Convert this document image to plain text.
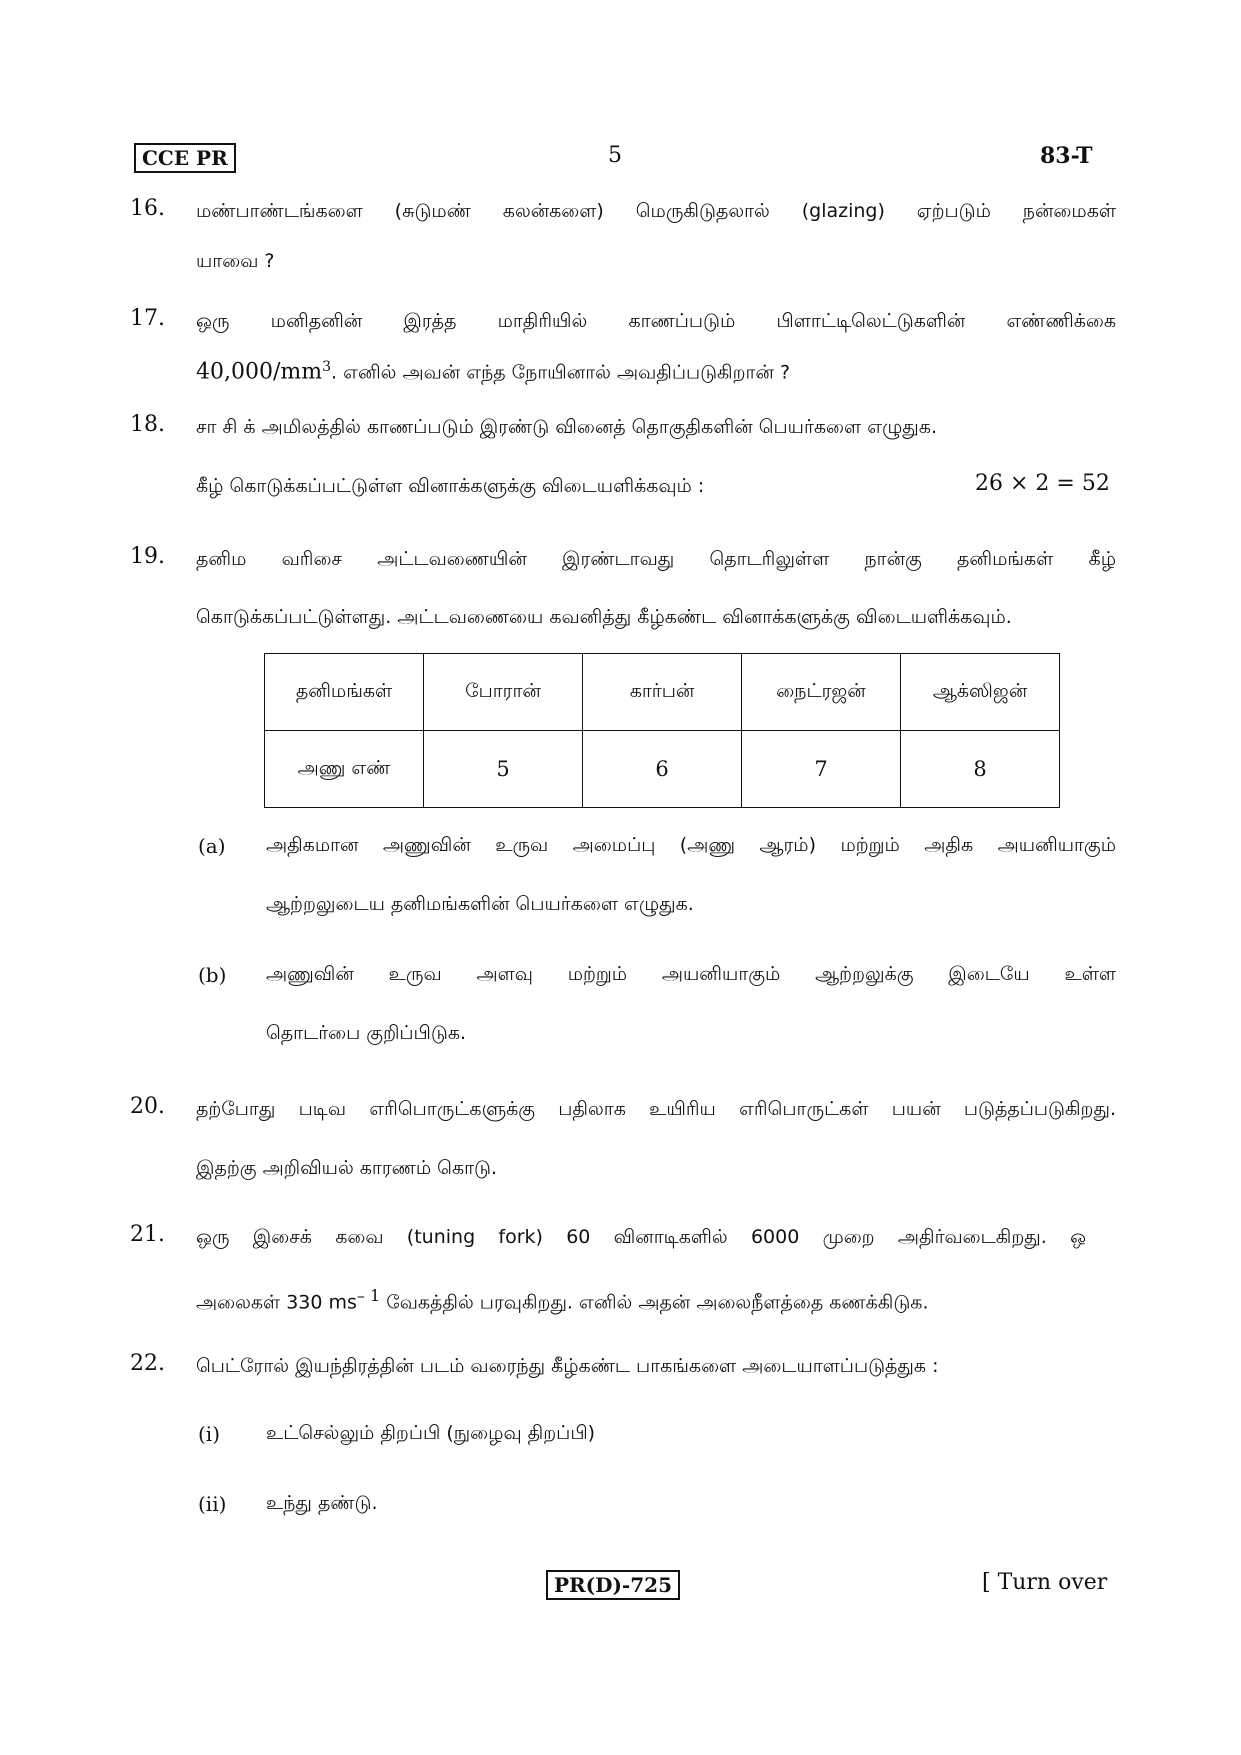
CCE PR	5	83-T
16. மண்பாண்டங்களை (சுடுமண் கலன்களை) மெருகிடுதலால் (glazing) ஏற்படும் நன்மைகள்
யாவை ?
17. ஒரு மனிதனின் இரத்த மாதிரியில் காணப்படும் பிளாட்டிலெட்டுகளின் எண்ணிக்கை
$40,000/mm^3$. எனில் அவன் எந்த நோயினால் அவதிப்படுகிறான் ?
18. சா சி க் அமிலத்தில் காணப்படும் இரண்டு வினைத் தொகுதிகளின் பெயர்களை எழுதுக.
கீழ் கொடுக்கப்பட்டுள்ள வினாக்களுக்கு விடையளிக்கவும் :	26 × 2 = 52
19. தனிம வரிசை அட்டவணையின் இரண்டாவது தொடரிலுள்ள நான்கு தனிமங்கள் கீழ்
கொடுக்கப்பட்டுள்ளது. அட்டவணையை கவனித்து கீழ்கண்ட வினாக்களுக்கு விடையளிக்கவும்.
தனிமங்கள்	போரான்	கார்பன்	நைட்ரஜன்	ஆக்ஸிஜன்
அணு எண்	5	6	7	8
(a) அதிகமான அணுவின் உருவ அமைப்பு (அணு ஆரம்) மற்றும் அதிக அயனியாகும்
ஆற்றலுடைய தனிமங்களின் பெயர்களை எழுதுக.
(b) அணுவின் உருவ அளவு மற்றும் அயனியாகும் ஆற்றலுக்கு இடையே உள்ள
தொடர்பை குறிப்பிடுக.
20. தற்போது படிவ எரிபொருட்களுக்கு பதிலாக உயிரிய எரிபொருட்கள் பயன் படுத்தப்படுகிறது.
இதற்கு அறிவியல் காரணம் கொடு.
21. ஒரு இசைக் கவை (tuning fork) 60 வினாடிகளில் 6000 முறை அதிர்வடைகிறது. ஒ
அலைகள் 330 $ms^{- 1}$ வேகத்தில் பரவுகிறது. எனில் அதன் அலைநீளத்தை கணக்கிடுக.
22. பெட்ரோல் இயந்திரத்தின் படம் வரைந்து கீழ்கண்ட பாகங்களை அடையாளப்படுத்துக :
(i) உட்செல்லும் திறப்பி (நுழைவு திறப்பி)
(ii) உந்து தண்டு.
PR(D)-725	[ Turn over
